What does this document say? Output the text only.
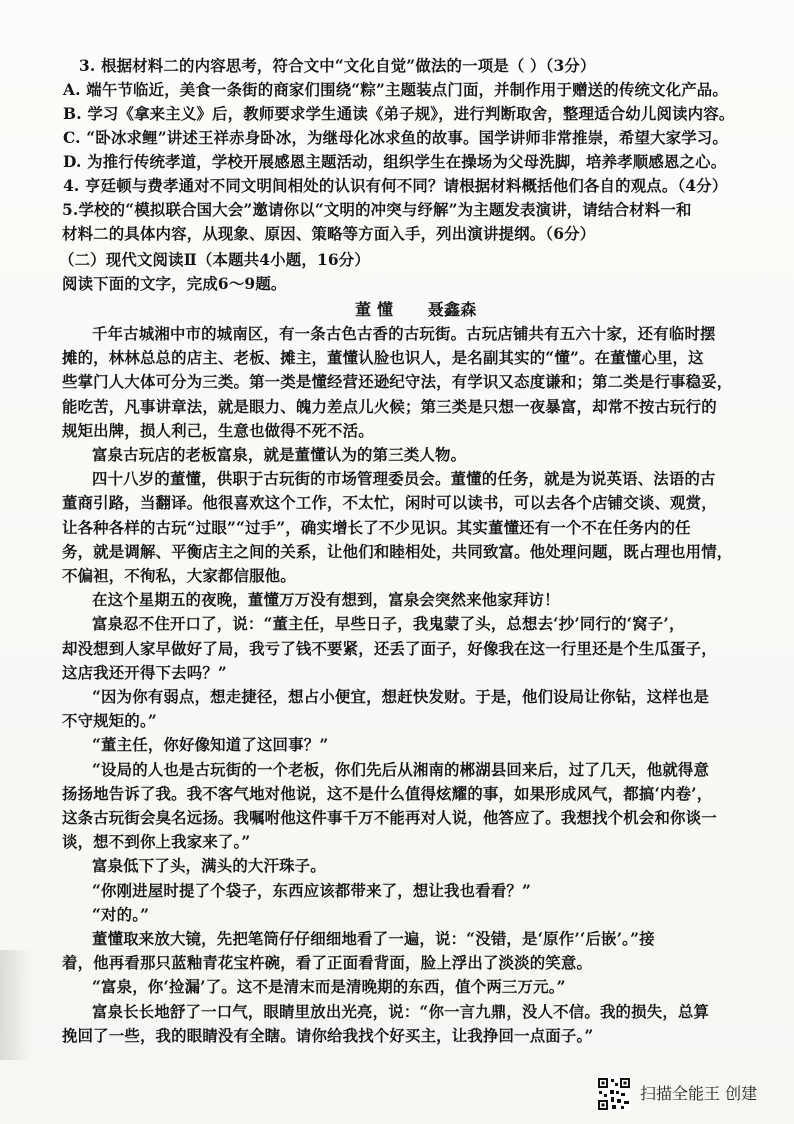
3. 根据材料二的内容思考，符合文中“文化自觉”做法的一项是（ ）（3分）
A. 端午节临近，美食一条街的商家们围绕“粽”主题装点门面，并制作用于赠送的传统文化产品。
B. 学习《拿来主义》后，教师要求学生通读《弟子规》，进行判断取舍，整理适合幼儿阅读内容。
C. “卧冰求鲤”讲述王祥赤身卧冰，为继母化冰求鱼的故事。国学讲师非常推崇，希望大家学习。
D. 为推行传统孝道，学校开展感恩主题活动，组织学生在操场为父母洗脚，培养孝顺感恩之心。
4. 亨廷顿与费孝通对不同文明间相处的认识有何不同？请根据材料概括他们各自的观点。（4分）
5.学校的“模拟联合国大会”邀请你以“文明的冲突与纾解”为主题发表演讲，请结合材料一和
材料二的具体内容，从现象、原因、策略等方面入手，列出演讲提纲。（6分）
（二）现代文阅读Ⅱ（本题共4小题，16分）
阅读下面的文字，完成6～9题。
董 懂      聂鑫森
千年古城湘中市的城南区，有一条古色古香的古玩街。古玩店铺共有五六十家，还有临时摆
摊的，林林总总的店主、老板、摊主，董懂认脸也识人，是名副其实的“懂”。在董懂心里，这
些掌门人大体可分为三类。第一类是懂经营还逊纪守法，有学识又态度谦和；第二类是行事稳妥，
能吃苦，凡事讲章法，就是眼力、魄力差点儿火候；第三类是只想一夜暴富，却常不按古玩行的
规矩出牌，损人利己，生意也做得不死不活。
富泉古玩店的老板富泉，就是董懂认为的第三类人物。
四十八岁的董懂，供职于古玩街的市场管理委员会。董懂的任务，就是为说英语、法语的古
董商引路，当翻译。他很喜欢这个工作，不太忙，闲时可以读书，可以去各个店铺交谈、观赏，
让各种各样的古玩“过眼”“过手”，确实增长了不少见识。其实董懂还有一个不在任务内的任
务，就是调解、平衡店主之间的关系，让他们和睦相处，共同致富。他处理问题，既占理也用情，
不偏袒，不徇私，大家都信服他。
在这个星期五的夜晚，董懂万万没有想到，富泉会突然来他家拜访！
富泉忍不住开口了，说：“董主任，早些日子，我鬼蒙了头，总想去‘抄’同行的‘窝子’，
却没想到人家早做好了局，我亏了钱不要紧，还丢了面子，好像我在这一行里还是个生瓜蛋子，
这店我还开得下去吗？”
“因为你有弱点，想走捷径，想占小便宜，想赶快发财。于是，他们设局让你钻，这样也是
不守规矩的。”
“董主任，你好像知道了这回事？”
“设局的人也是古玩街的一个老板，你们先后从湘南的郴湖县回来后，过了几天，他就得意
扬扬地告诉了我。我不客气地对他说，这不是什么值得炫耀的事，如果形成风气，都搞‘内卷’，
这条古玩街会臭名远扬。我嘱咐他这件事千万不能再对人说，他答应了。我想找个机会和你谈一
谈，想不到你上我家来了。”
富泉低下了头，满头的大汗珠子。
“你刚进屋时提了个袋子，东西应该都带来了，想让我也看看？”
“对的。”
董懂取来放大镜，先把笔筒仔仔细细地看了一遍，说：“没错，是‘原作’‘后嵌’。”接
着，他再看那只蓝釉青花宝杵碗，看了正面看背面，脸上浮出了淡淡的笑意。
“富泉，你‘捡漏’了。这不是清末而是清晚期的东西，值个两三万元。”
富泉长长地舒了一口气，眼睛里放出光亮，说：“你一言九鼎，没人不信。我的损失，总算
挽回了一些，我的眼睛没有全瞎。请你给我找个好买主，让我挣回一点面子。”
扫描全能王 创建
